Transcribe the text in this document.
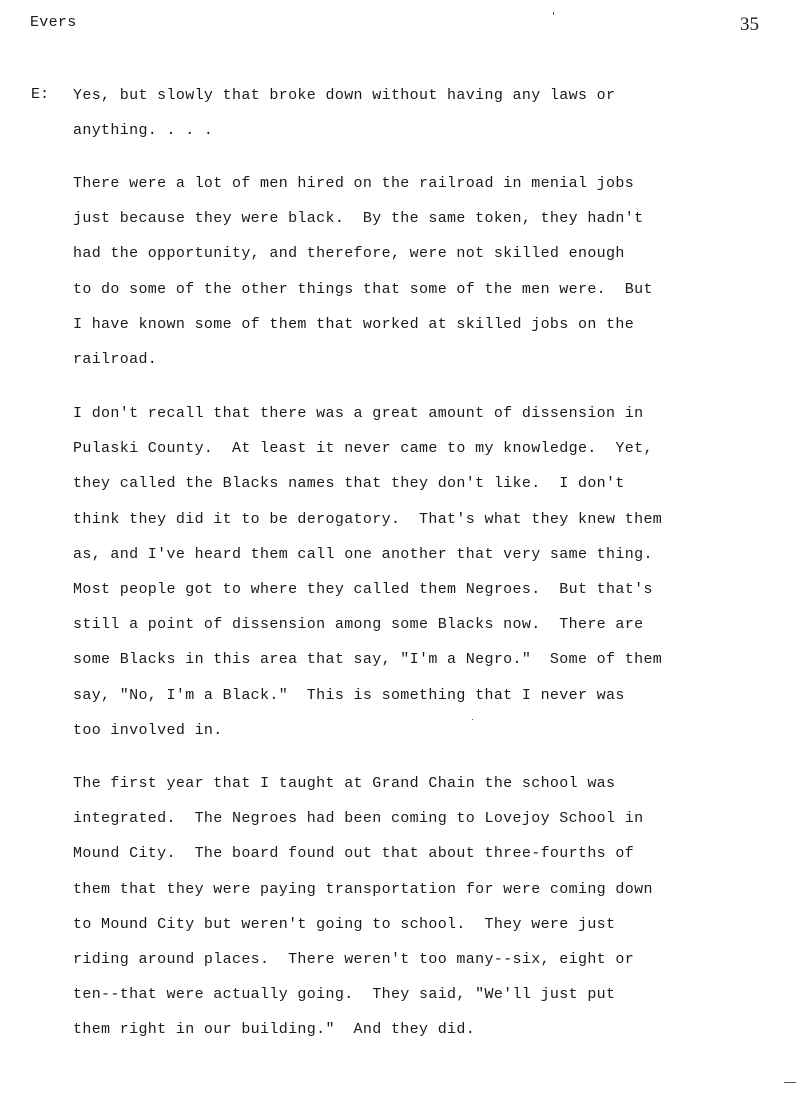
Evers	35
E: Yes, but slowly that broke down without having any laws or
anything. . . .
There were a lot of men hired on the railroad in menial jobs
just because they were black.  By the same token, they hadn't
had the opportunity, and therefore, were not skilled enough
to do some of the other things that some of the men were.  But
I have known some of them that worked at skilled jobs on the
railroad.
I don't recall that there was a great amount of dissension in
Pulaski County.  At least it never came to my knowledge.  Yet,
they called the Blacks names that they don't like.  I don't
think they did it to be derogatory.  That's what they knew them
as, and I've heard them call one another that very same thing.
Most people got to where they called them Negroes.  But that's
still a point of dissension among some Blacks now.  There are
some Blacks in this area that say, "I'm a Negro."  Some of them
say, "No, I'm a Black."  This is something that I never was
too involved in.
The first year that I taught at Grand Chain the school was
integrated.  The Negroes had been coming to Lovejoy School in
Mound City.  The board found out that about three-fourths of
them that they were paying transportation for were coming down
to Mound City but weren't going to school.  They were just
riding around places.  There weren't too many--six, eight or
ten--that were actually going.  They said, "We'll just put
them right in our building."  And they did.
